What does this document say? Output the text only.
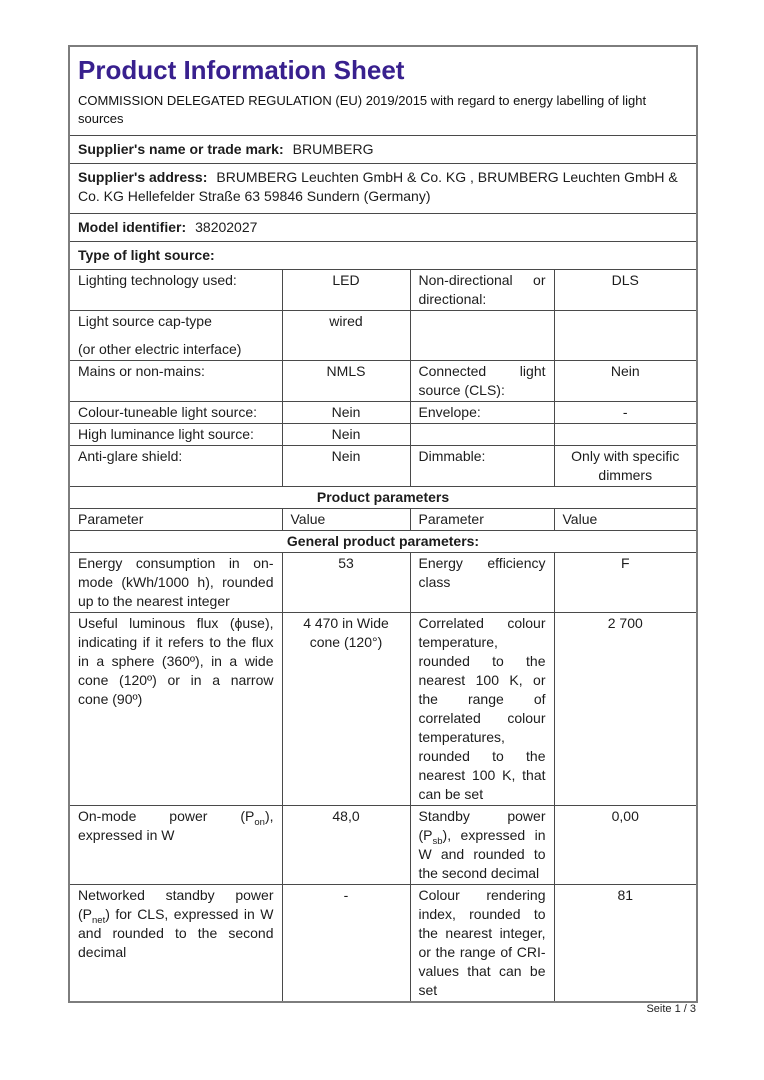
Product Information Sheet
COMMISSION DELEGATED REGULATION (EU) 2019/2015 with regard to energy labelling of light sources

Supplier's name or trade mark: BRUMBERG			
Supplier's address: BRUMBERG Leuchten GmbH & Co. KG , BRUMBERG Leuchten GmbH & Co. KG Hellefelder Straße 63 59846 Sundern (Germany)			
Model identifier: 38202027			
Type of light source:			
Lighting technology used:	LED	Non-directional or directional:	DLS

Light source cap-type
(or other electric interface)	wired		
Mains or non-mains:	NMLS	Connected light source (CLS):	Nein
Colour-tuneable light source:	Nein	Envelope:	-
High luminance light source:	Nein		
Anti-glare shield:	Nein	Dimmable:	Only with specific dimmers

Product parameters			
Parameter	Value	Parameter	Value
General product parameters:			
Energy consumption in on-mode (kWh/1000 h), rounded up to the nearest integer	53	Energy efficiency class	F
Useful luminous flux (ϕuse), indicating if it refers to the flux in a sphere (360º), in a wide cone (120º) or in a narrow cone (90º)	4 470 in Wide cone (120°)	Correlated colour temperature, rounded to the nearest 100 K, or the range of correlated colour temperatures, rounded to the nearest 100 K, that can be set	2 700
On-mode power $(P_{on})$, expressed in W	48,0	Standby power $(P_{sb})$, expressed in W and rounded to the second decimal	0,00
Networked standby power $(P_{net})$ for CLS, expressed in W and rounded to the second decimal	-	Colour rendering index, rounded to the nearest integer, or the range of CRI-values that can be set	81
Seite 1 / 3
